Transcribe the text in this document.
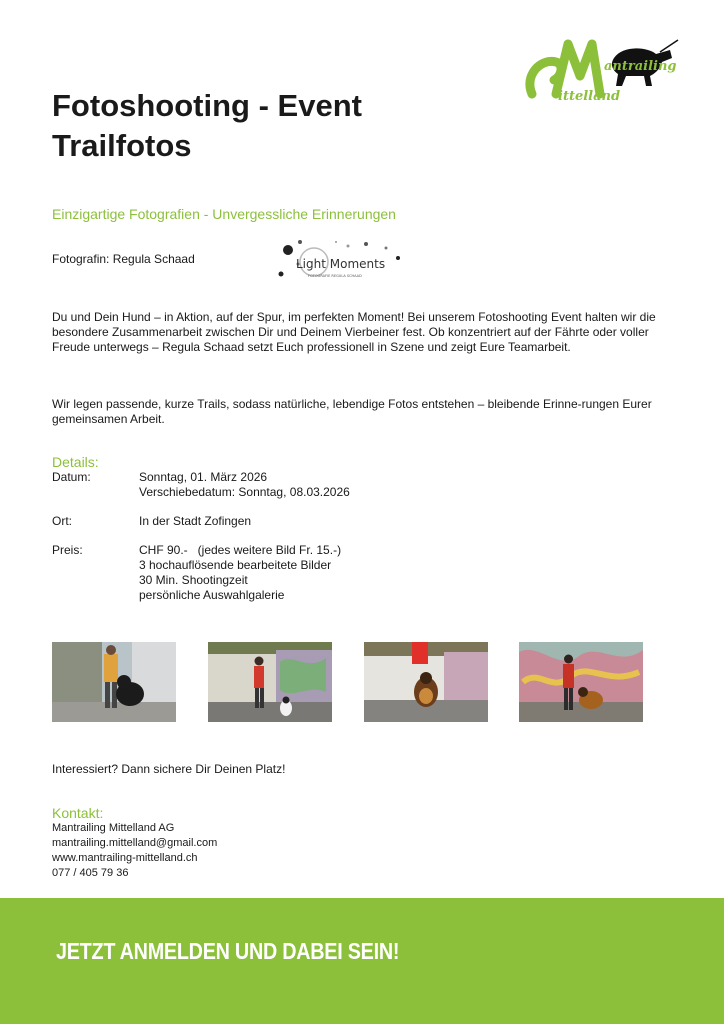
antrailing
ittelland
Fotoshooting - Event
Trailfotos
Einzigartige Fotografien - Unvergessliche Erinnerungen
Fotografin: Regula Schaad	Light Moments
FOTOGRAFIE REGULA SCHAAD

Du und Dein Hund – in Aktion, auf der Spur, im perfekten Moment! Bei unserem Fotoshooting Event halten wir die besondere Zusammenarbeit zwischen Dir und Deinem Vierbeiner fest. Ob konzentriert auf der Fährte oder voller Freude unterwegs – Regula Schaad setzt Euch professionell in Szene und zeigt Eure Teamarbeit.

Wir legen passende, kurze Trails, sodass natürliche, lebendige Fotos entstehen – bleibende Erinne-rungen Eurer gemeinsamen Arbeit.

Details:
Datum:	Sonntag, 01. März 2026
Verschiebedatum: Sonntag, 08.03.2026
Ort:	In der Stadt Zofingen
Preis:	CHF 90.-   (jedes weitere Bild Fr. 15.-)
3 hochauflösende bearbeitete Bilder
30 Min. Shootingzeit
persönliche Auswahlgalerie
Interessiert? Dann sichere Dir Deinen Platz!
Kontakt:
Mantrailing Mittelland AG
mantrailing.mittelland@gmail.com
www.mantrailing-mittelland.ch
077 / 405 79 36
JETZT ANMELDEN UND DABEI SEIN!
